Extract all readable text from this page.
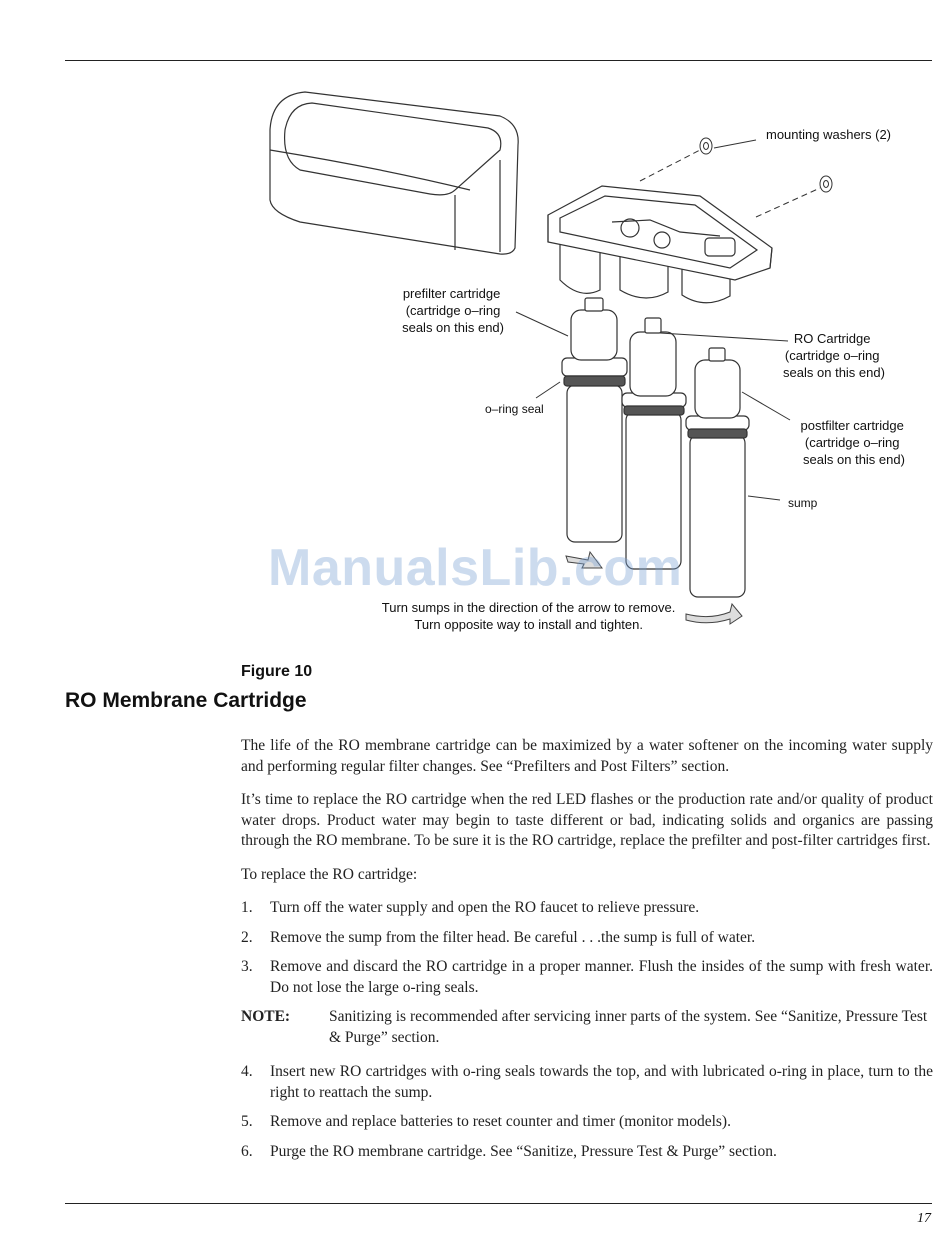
mounting washers (2)
prefilter cartridge (cartridge o–ring seals on this end)
RO Cartridge (cartridge o–ring seals on this end)
o–ring seal
postfilter cartridge (cartridge o–ring seals on this end)
sump
Turn sumps in the direction of the arrow to remove. Turn opposite way to install and tighten.
ManualsLib.com
Figure 10
RO Membrane Cartridge

The life of the RO membrane cartridge can be maximized by a water softener on the incoming water supply and performing regular filter changes. See “Prefilters and Post Filters” section.

It’s time to replace the RO cartridge when the red LED flashes or the production rate and/or quality of product water drops. Product water may begin to taste different or bad, indicating solids and organics are passing through the RO membrane. To be sure it is the RO cartridge, replace the prefilter and post-filter cartridges first.

To replace the RO cartridge:

1. Turn off the water supply and open the RO faucet to relieve pressure.
2. Remove the sump from the filter head. Be careful . . .the sump is full of water.
3. Remove and discard the RO cartridge in a proper manner. Flush the insides of the sump with fresh water. Do not lose the large o-ring seals.
NOTE:	Sanitizing is recommended after servicing inner parts of the system. See “Sanitize, Pressure Test & Purge” section.
4. Insert new RO cartridges with o-ring seals towards the top, and with lubricated o-ring in place, turn to the right to reattach the sump.
5. Remove and replace batteries to reset counter and timer (monitor models).
6. Purge the RO membrane cartridge. See “Sanitize, Pressure Test & Purge” section.
17
